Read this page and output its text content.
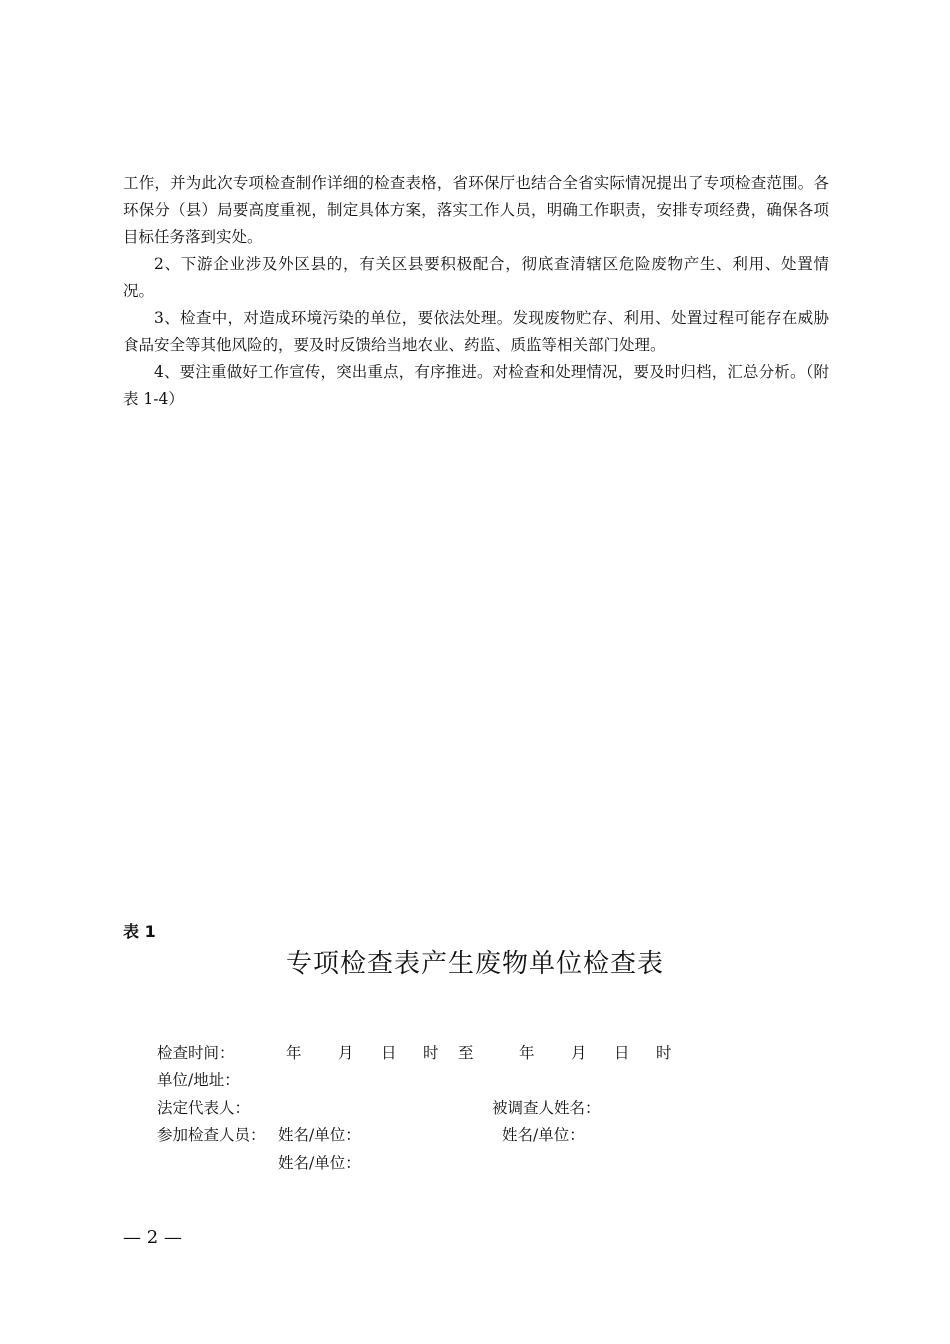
工作，并为此次专项检查制作详细的检查表格，省环保厅也结合全省实际情况提出了专项检查范围。各环保分（县）局要高度重视，制定具体方案，落实工作人员，明确工作职责，安排专项经费，确保各项目标任务落到实处。

2、下游企业涉及外区县的，有关区县要积极配合，彻底查清辖区危险废物产生、利用、处置情况。

3、检查中，对造成环境污染的单位，要依法处理。发现废物贮存、利用、处置过程可能存在威胁食品安全等其他风险的，要及时反馈给当地农业、药监、质监等相关部门处理。

4、要注重做好工作宣传，突出重点，有序推进。对检查和处理情况，要及时归档，汇总分析。（附表 1-4）

表 1
专项检查表产生废物单位检查表
检查时间：	年 月 日 时 至	年 月 日 时
单位/地址：
法定代表人：	被调查人姓名：
参加检查人员： 姓名/单位：	姓名/单位：
姓名/单位：
— 2 —
